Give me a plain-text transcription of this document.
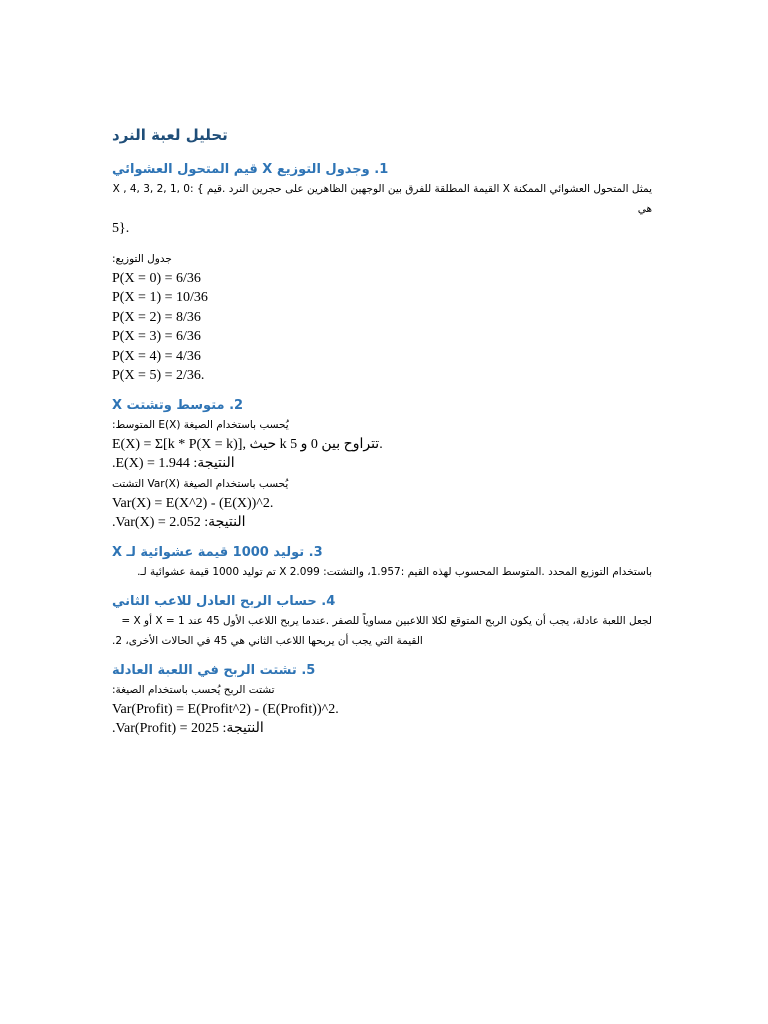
تحليل لعبة النرد
1. وجدول التوزيع X قيم المتحول العشوائي

X , 4, 3, 2, 1, 0: { القيمة المطلقة للفرق بين الوجهين الظاهرين على حجرين النرد .قيم X يمثل المتحول العشوائي الممكنة هي

5}.

:جدول التوزيع

P(X = 0) = 6/36

P(X = 1) = 10/36

P(X = 2) = 8/36

P(X = 3) = 6/36

P(X = 4) = 4/36

P(X = 5) = 2/36.

2. متوسط وتشتت X

يُحسب باستخدام الصيغة E(X) المتوسط:

E(X) = Σ[k * P(X = k)], حيث k تتراوح بين 0 و 5.

النتيجة: E(X) = 1.944.

يُحسب باستخدام الصيغة Var(X) التشتت

Var(X) = E(X^2) - (E(X))^2.

النتيجة: Var(X) = 2.052.

3. توليد 1000 قيمة عشوائية لـ X

باستخدام التوزيع المحدد .المتوسط المحسوب لهذه القيم :1.957، والتشتت: 2.099 X تم توليد 1000 قيمة عشوائية لـ.

4. حساب الربح العادل للاعب الثاني

لجعل اللعبة عادلة، يجب أن يكون الربح المتوقع لكلا اللاعبين مساوياً للصفر .عندما يربح اللاعب الأول 45 عند X = 1 أو X =

القيمة التي يجب أن يربحها اللاعب الثاني هي 45 في الحالات الأخرى، 2.

5. تشتت الربح في اللعبة العادلة

تشتت الربح يُحسب باستخدام الصيغة:

Var(Profit) = E(Profit^2) - (E(Profit))^2.

النتيجة: Var(Profit) = 2025.
